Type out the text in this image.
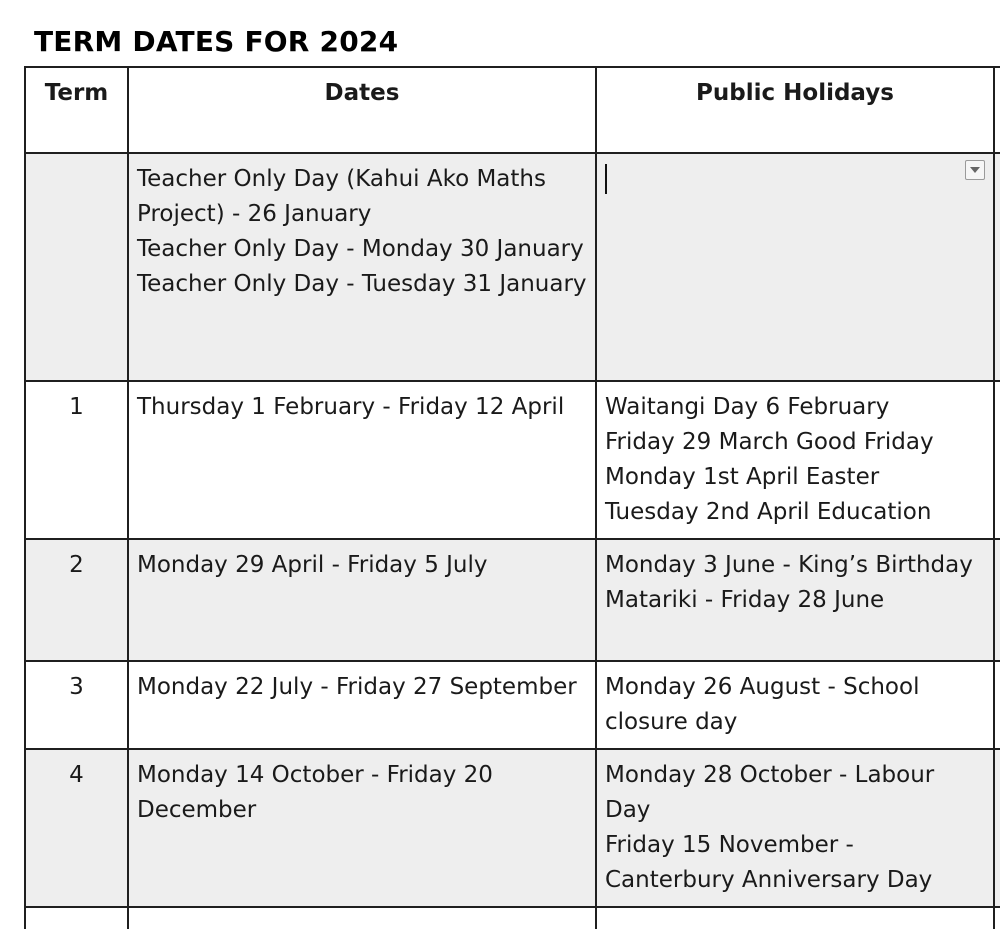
TERM DATES FOR 2024
Term	Dates	Public Holidays	

	Teacher Only Day (Kahui Ako Maths Project) - 26 January
Teacher Only Day - Monday 30 January
Teacher Only Day - Tuesday 31 January		

1	Thursday 1 February - Friday 12 April	Waitangi Day 6 February
Friday 29 March Good Friday
Monday 1st April Easter
Tuesday 2nd April Education	

2	Monday 29 April - Friday 5 July	Monday 3 June - King’s Birthday
Matariki - Friday 28 June	

3	Monday 22 July - Friday 27 September	Monday 26 August - School closure day	

4	Monday 14 October - Friday 20 December	Monday 28 October - Labour Day
Friday 15 November - Canterbury Anniversary Day	
